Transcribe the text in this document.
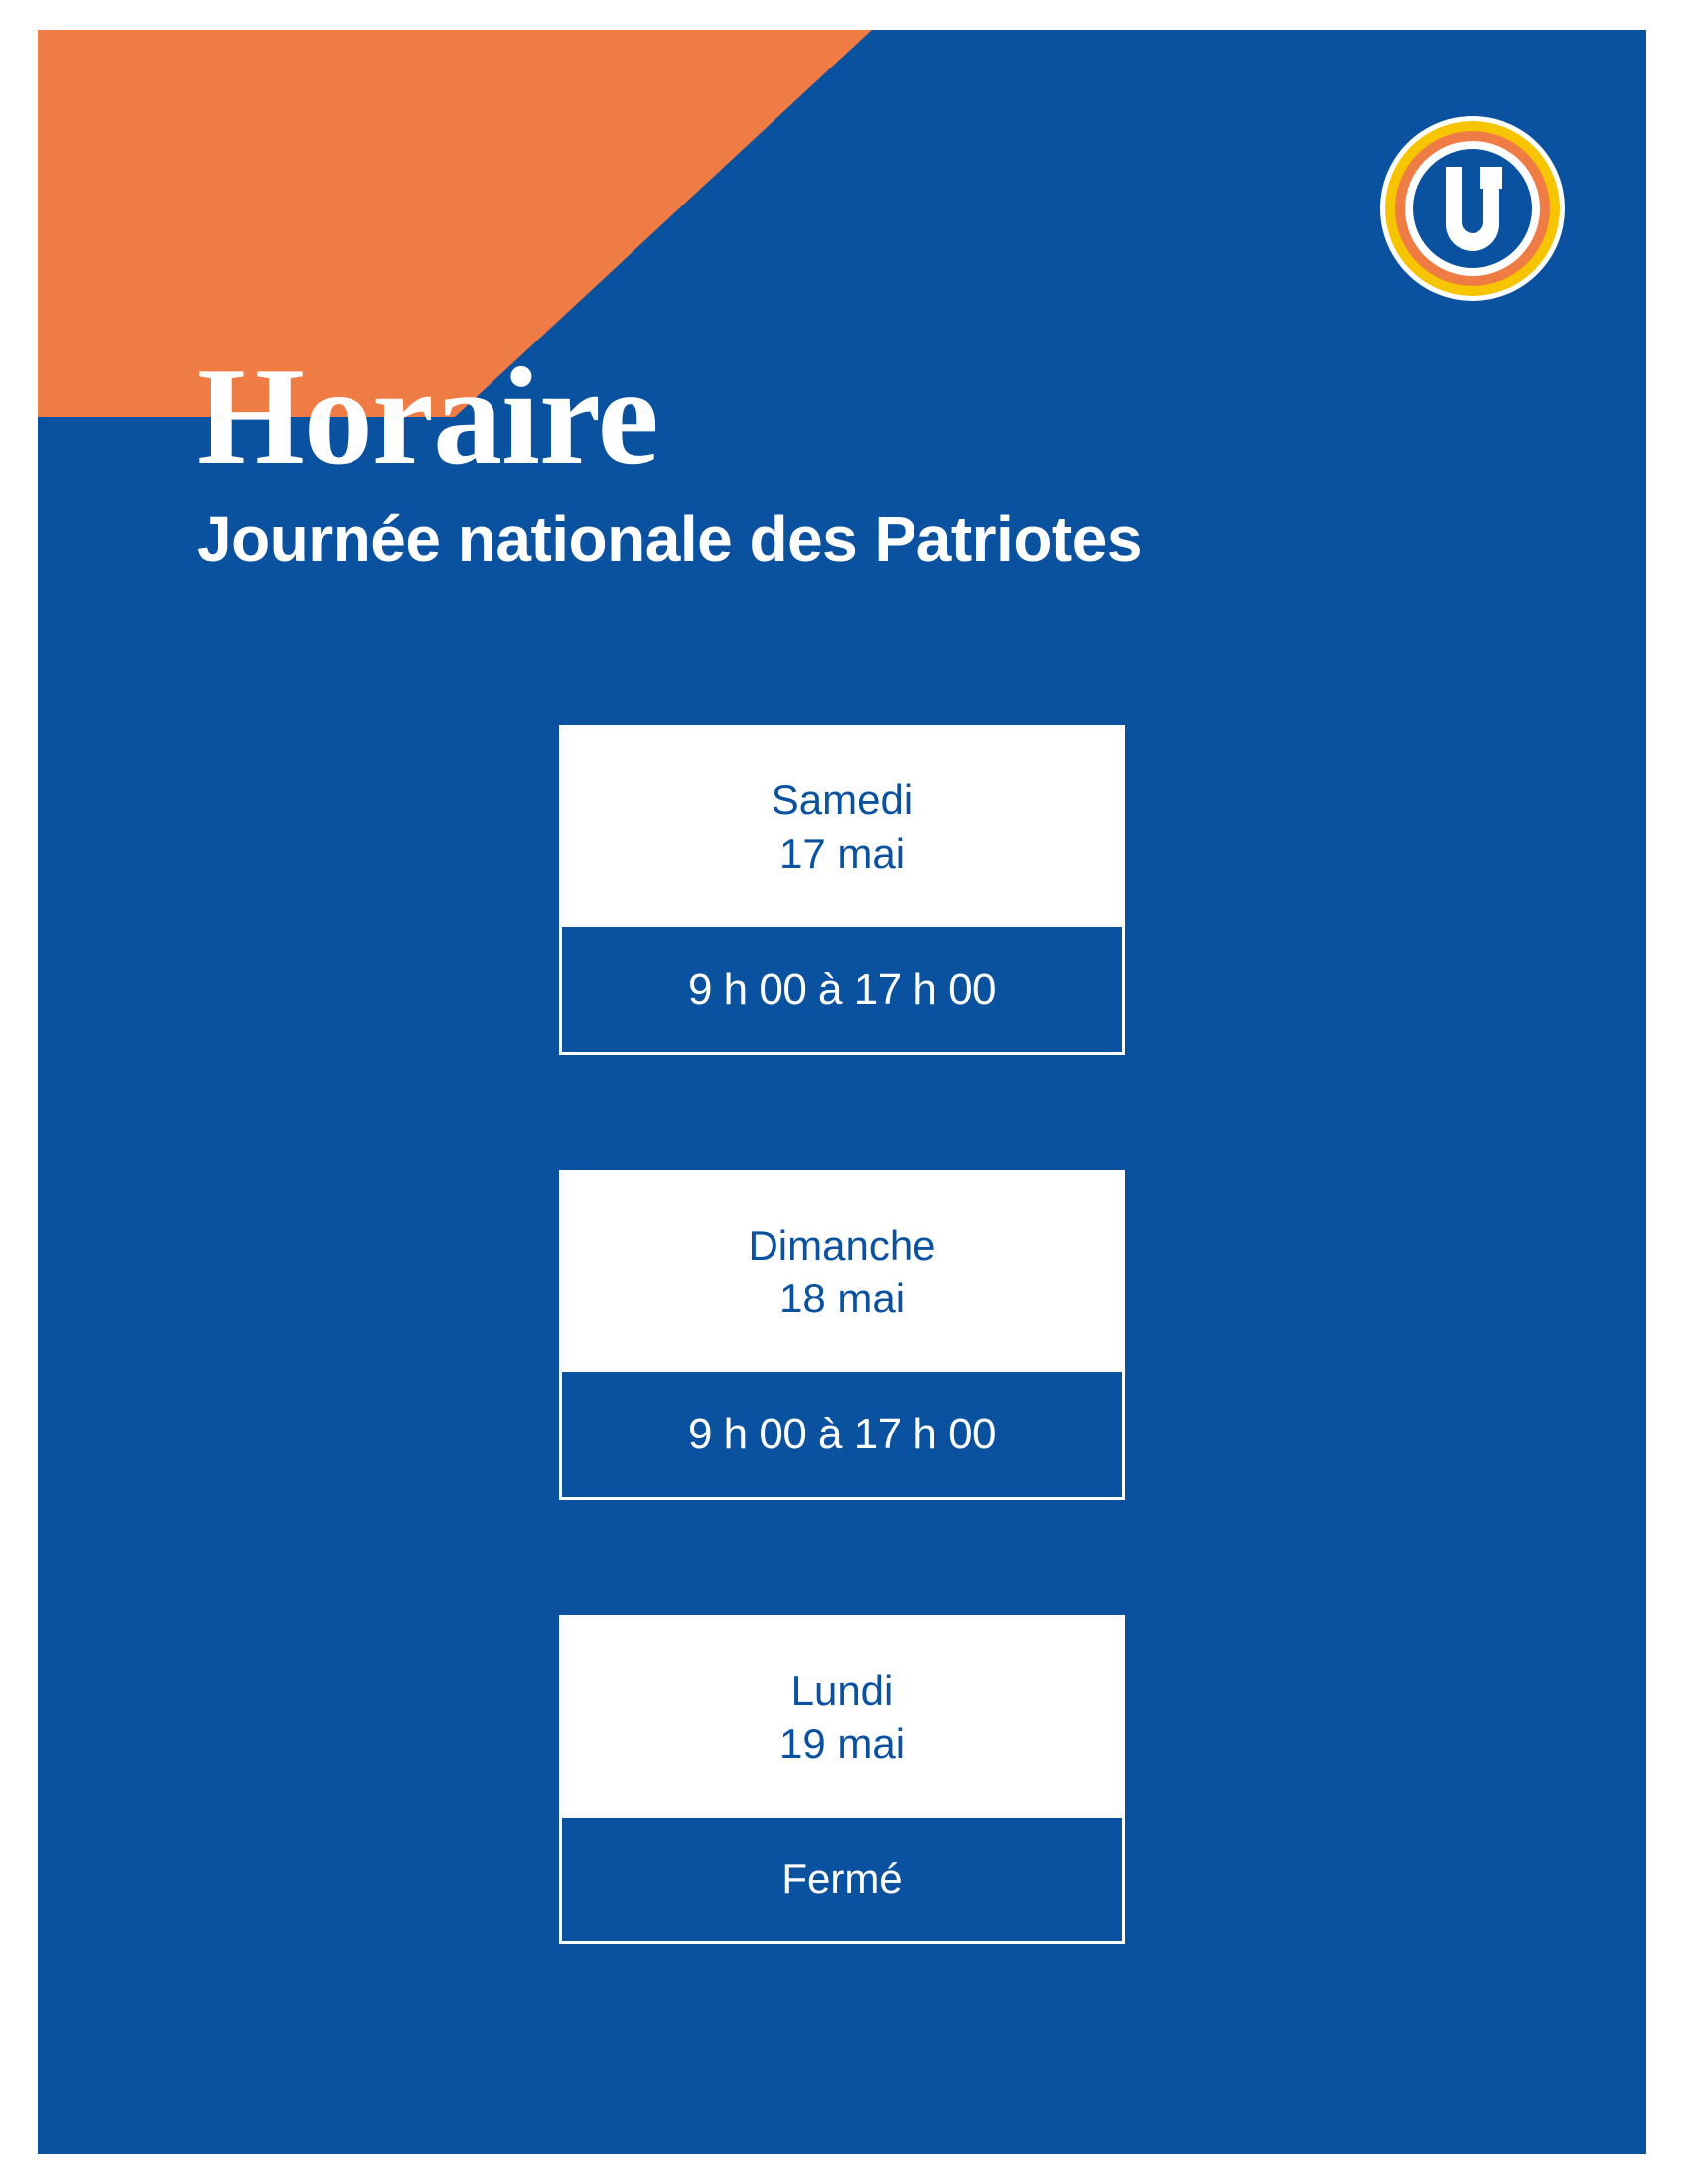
Horaire
Journée nationale des Patriotes
Samedi
17 mai
9 h 00 à 17 h 00
Dimanche
18 mai
9 h 00 à 17 h 00
Lundi
19 mai
Fermé
